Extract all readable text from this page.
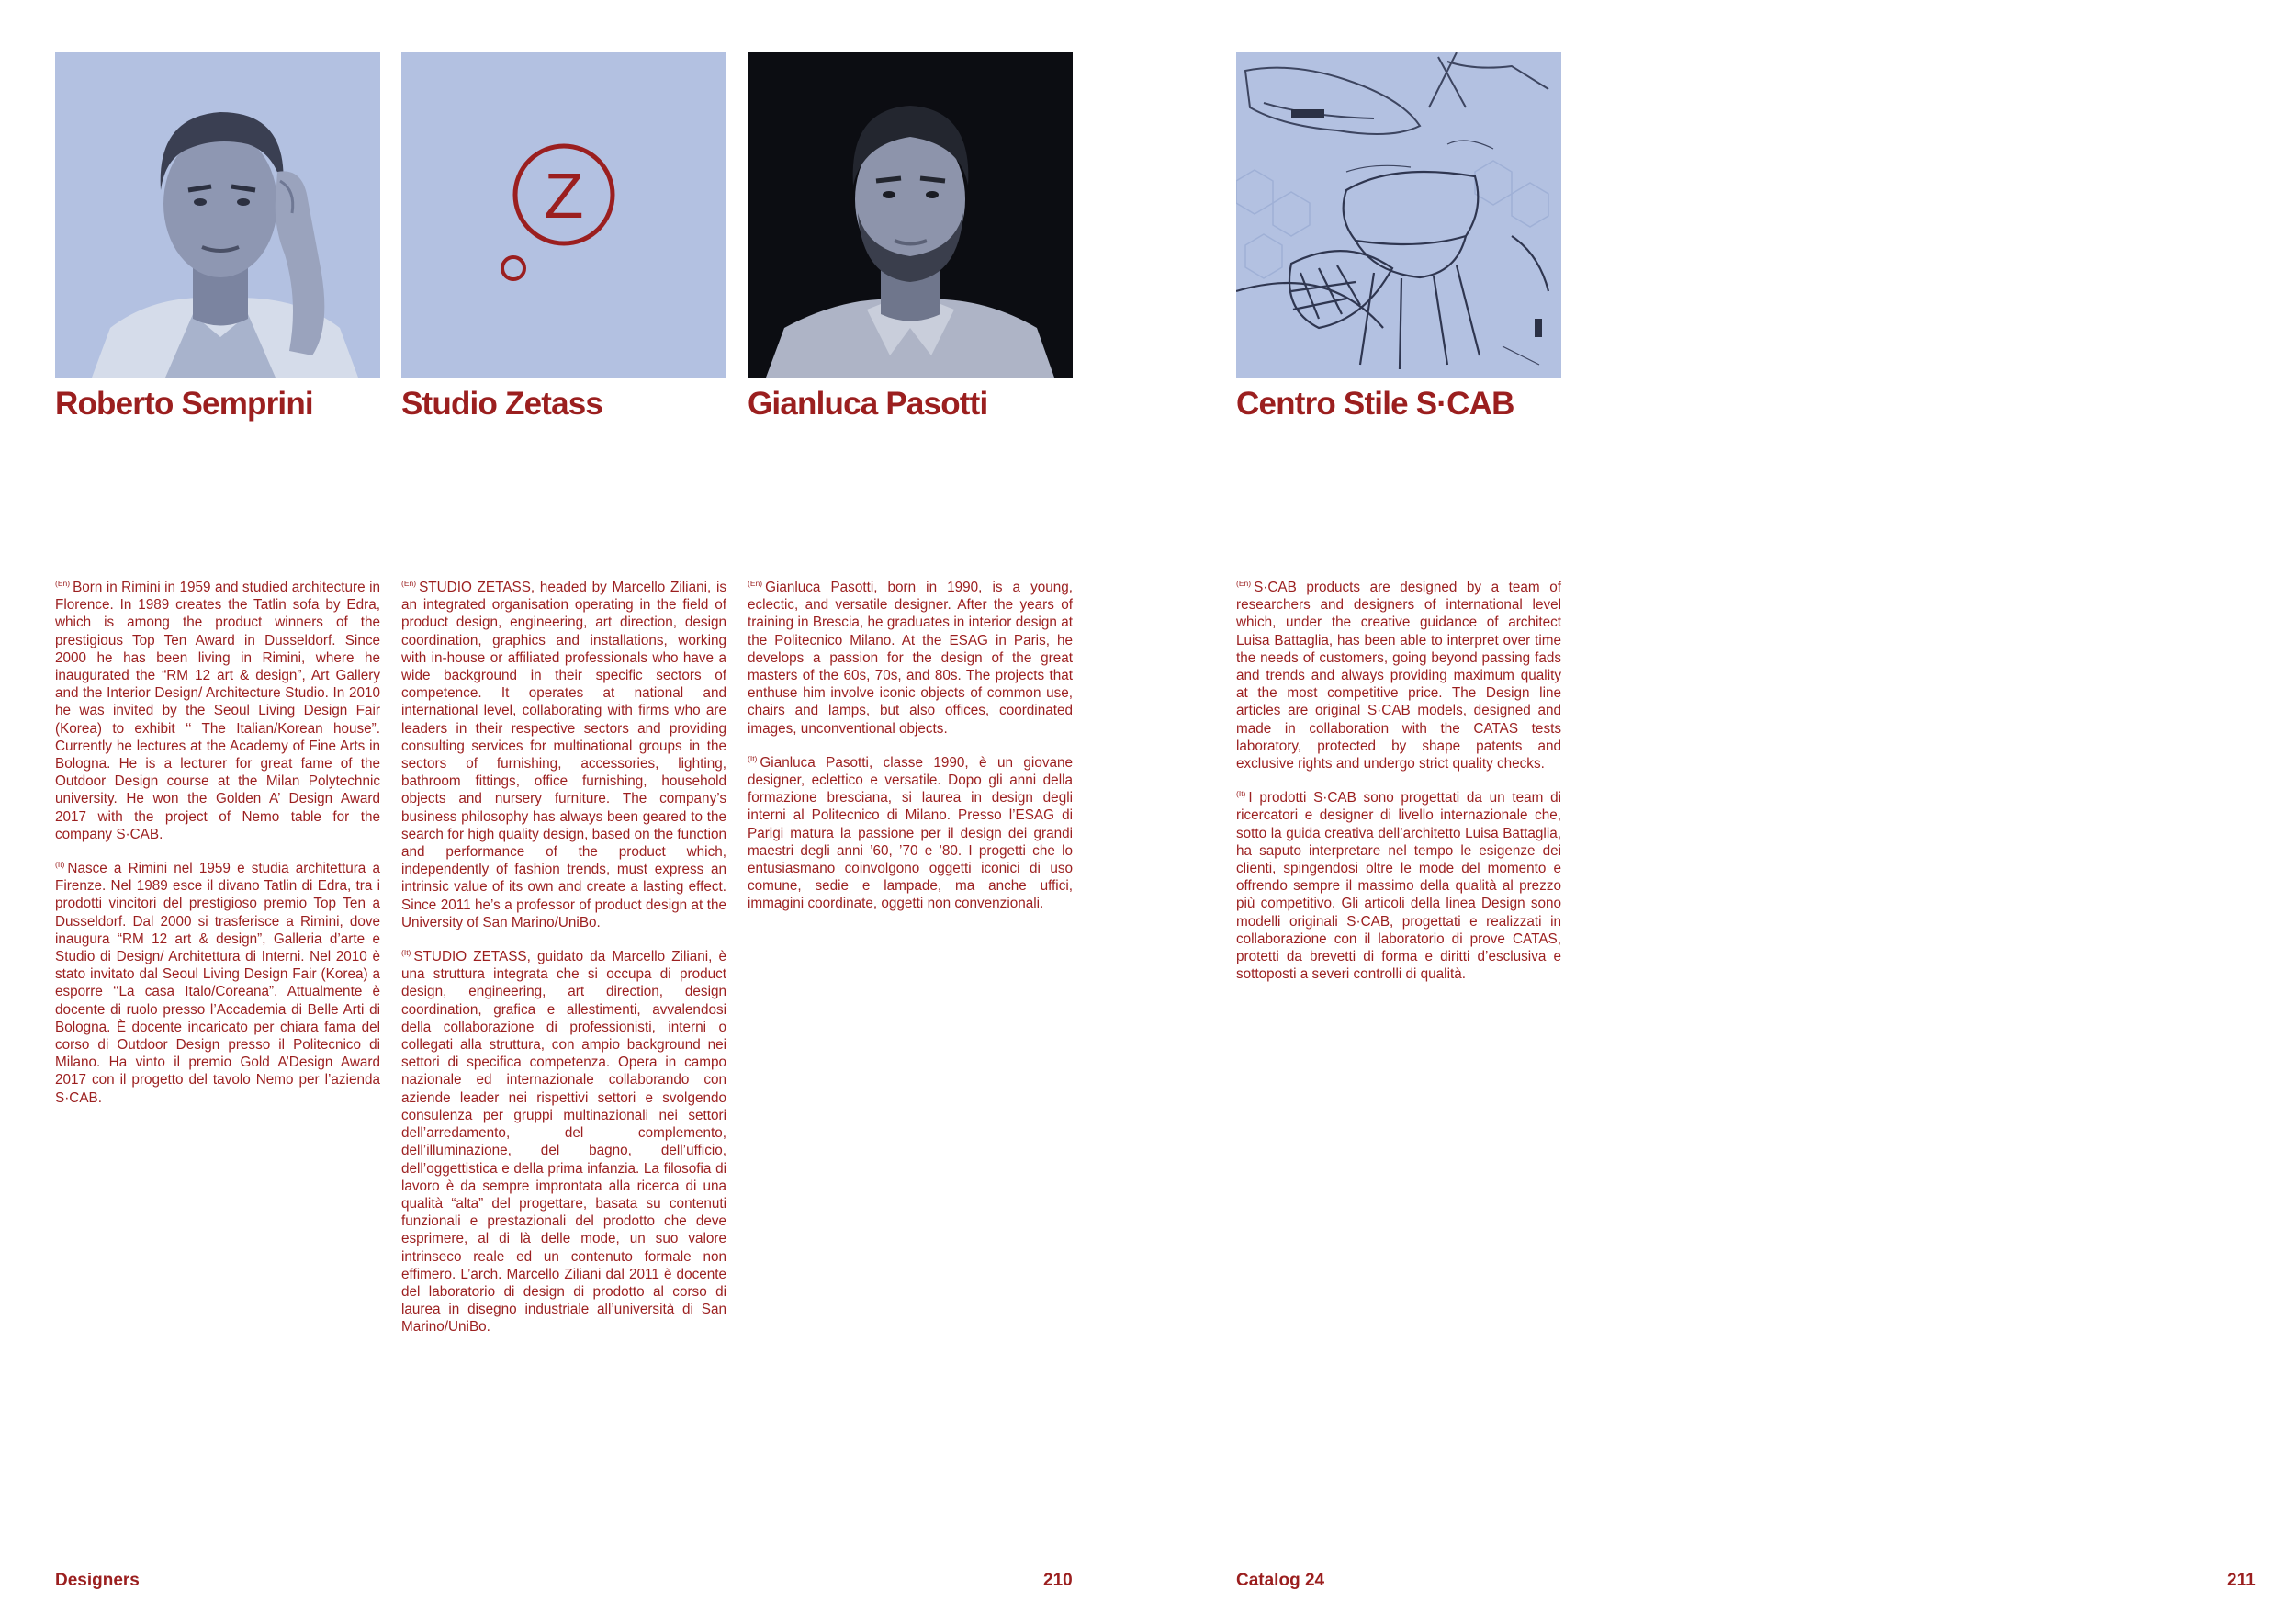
Roberto Semprini

$^{(En)}$ Born in Rimini in 1959 and studied architecture in Florence. In 1989 creates the Tatlin sofa by Edra, which is among the product winners of the prestigious Top Ten Award in Dusseldorf. Since 2000 he has been living in Rimini, where he inaugurated the “RM 12 art & design”, Art Gallery and the Interior Design/ Architecture Studio. In 2010 he was invited by the Seoul Living Design Fair (Korea) to exhibit ‘‘ The Italian/Korean house”. Currently he lectures at the Academy of Fine Arts in Bologna. He is a lecturer for great fame of the Outdoor Design course at the Milan Polytechnic university. He won the Golden A’ Design Award 2017 with the project of Nemo table for the company S·CAB.

$^{(It)}$ Nasce a Rimini nel 1959 e studia architettura a Firenze. Nel 1989 esce il divano Tatlin di Edra, tra i prodotti vincitori del prestigioso premio Top Ten a Dusseldorf. Dal 2000 si trasferisce a Rimini, dove inaugura “RM 12 art & design”, Galleria d’arte e Studio di Design/ Architettura di Interni. Nel 2010 è stato invitato dal Seoul Living Design Fair (Korea) a esporre ‘‘La casa Italo/Coreana”. Attualmente è docente di ruolo presso l’Accademia di Belle Arti di Bologna. È docente incaricato per chiara fama del corso di Outdoor Design presso il Politecnico di Milano. Ha vinto il premio Gold A’Design Award 2017 con il progetto del tavolo Nemo per l’azienda S·CAB.

Z
Studio Zetass

$^{(En)}$ STUDIO ZETASS, headed by Marcello Ziliani, is an integrated organisation operating in the field of product design, engineering, art direction, design coordination, graphics and installations, working with in-house or affiliated professionals who have a wide background in their specific sectors of competence. It operates at national and international level, collaborating with firms who are leaders in their respective sectors and providing consulting services for multinational groups in the sectors of furnishing, accessories, lighting, bathroom fittings, office furnishing, household objects and nursery furniture. The company’s business philosophy has always been geared to the search for high quality design, based on the function and performance of the product which, independently of fashion trends, must express an intrinsic value of its own and create a lasting effect. Since 2011 he’s a professor of product design at the University of San Marino/UniBo.

$^{(It)}$ STUDIO ZETASS, guidato da Marcello Ziliani, è una struttura integrata che si occupa di product design, engineering, art direction, design coordination, grafica e allestimenti, avvalendosi della collaborazione di professionisti, interni o collegati alla struttura, con ampio background nei settori di specifica competenza. Opera in campo nazionale ed internazionale collaborando con aziende leader nei rispettivi settori e svolgendo consulenza per gruppi multinazionali nei settori dell’arredamento, del complemento, dell’illuminazione, del bagno, dell’ufficio, dell’oggettistica e della prima infanzia. La filosofia di lavoro è da sempre improntata alla ricerca di una qualità “alta” del progettare, basata su contenuti funzionali e prestazionali del prodotto che deve esprimere, al di là delle mode, un suo valore intrinseco reale ed un contenuto formale non effimero. L’arch. Marcello Ziliani dal 2011 è docente del laboratorio di design di prodotto al corso di laurea in disegno industriale all’università di San Marino/UniBo.

Gianluca Pasotti

$^{(En)}$ Gianluca Pasotti, born in 1990, is a young, eclectic, and versatile designer. After the years of training in Brescia, he graduates in interior design at the Politecnico Milano. At the ESAG in Paris, he develops a passion for the design of the great masters of the 60s, 70s, and 80s. The projects that enthuse him involve iconic objects of common use, chairs and lamps, but also offices, coordinated images, unconventional objects.

$^{(It)}$ Gianluca Pasotti, classe 1990, è un giovane designer, eclettico e versatile. Dopo gli anni della formazione bresciana, si laurea in design degli interni al Politecnico di Milano. Presso l’ESAG di Parigi matura la passione per il design dei grandi maestri degli anni ’60, ’70 e ’80. I progetti che lo entusiasmano coinvolgono oggetti iconici di uso comune, sedie e lampade, ma anche uffici, immagini coordinate, oggetti non convenzionali.

Centro Stile S·CAB

$^{(En)}$ S·CAB products are designed by a team of researchers and designers of international level which, under the creative guidance of architect Luisa Battaglia, has been able to interpret over time the needs of customers, going beyond passing fads and trends and always providing maximum quality at the most competitive price. The Design line articles are original S·CAB models, designed and made in collaboration with the CATAS tests laboratory, protected by shape patents and exclusive rights and undergo strict quality checks.

$^{(It)}$ I prodotti S·CAB sono progettati da un team di ricercatori e designer di livello internazionale che, sotto la guida creativa dell’architetto Luisa Battaglia, ha saputo interpretare nel tempo le esigenze dei clienti, spingendosi oltre le mode del momento e offrendo sempre il massimo della qualità al prezzo più competitivo. Gli articoli della linea Design sono modelli originali S·CAB, progettati e realizzati in collaborazione con il laboratorio di prove CATAS, protetti da brevetti di forma e diritti d’esclusiva e sottoposti a severi controlli di qualità.

Designers	210	Catalog 24	211
